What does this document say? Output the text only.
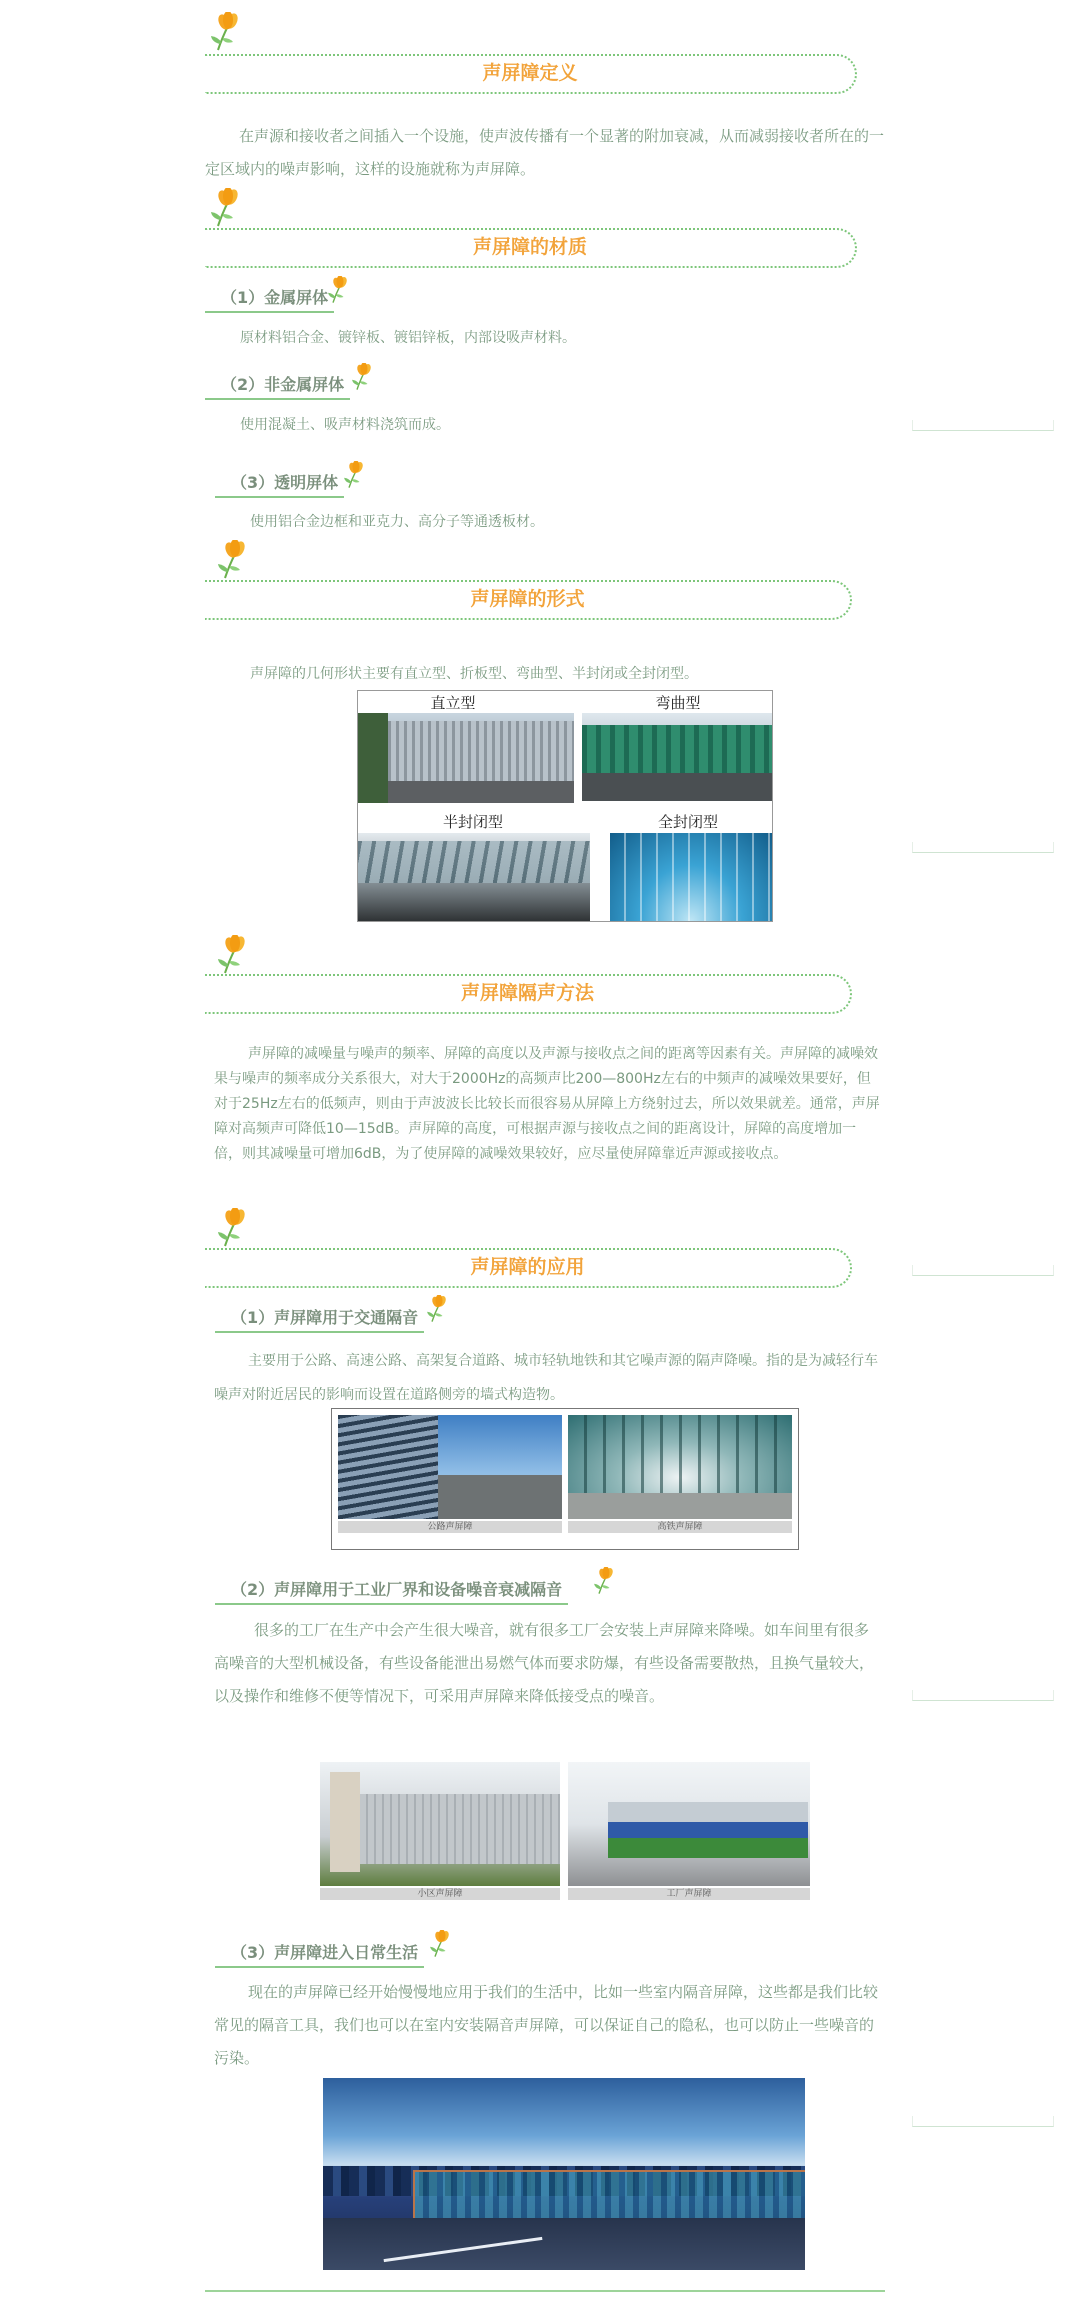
声屏障定义
在声源和接收者之间插入一个设施，使声波传播有一个显著的附加衰减，从而减弱接收者所在的一定区域内的噪声影响，这样的设施就称为声屏障。
声屏障的材质
（1）金属屏体
原材料铝合金、镀锌板、镀铝锌板，内部设吸声材料。
（2）非金属屏体
使用混凝土、吸声材料浇筑而成。
（3）透明屏体
使用铝合金边框和亚克力、高分子等通透板材。
声屏障的形式
声屏障的几何形状主要有直立型、折板型、弯曲型、半封闭或全封闭型。
直立型	弯曲型
半封闭型	全封闭型
声屏障隔声方法
声屏障的减噪量与噪声的频率、屏障的高度以及声源与接收点之间的距离等因素有关。声屏障的减噪效果与噪声的频率成分关系很大，对大于2000Hz的高频声比200—800Hz左右的中频声的减噪效果要好，但对于25Hz左右的低频声，则由于声波波长比较长而很容易从屏障上方绕射过去，所以效果就差。通常，声屏障对高频声可降低10—15dB。声屏障的高度，可根据声源与接收点之间的距离设计，屏障的高度增加一倍，则其减噪量可增加6dB，为了使屏障的减噪效果较好，应尽量使屏障靠近声源或接收点。
声屏障的应用
（1）声屏障用于交通隔音
主要用于公路、高速公路、高架复合道路、城市轻轨地铁和其它噪声源的隔声降噪。指的是为减轻行车噪声对附近居民的影响而设置在道路侧旁的墙式构造物。
公路声屏障	高铁声屏障
（2）声屏障用于工业厂界和设备噪音衰减隔音
很多的工厂在生产中会产生很大噪音，就有很多工厂会安装上声屏障来降噪。如车间里有很多高噪音的大型机械设备，有些设备能泄出易燃气体而要求防爆，有些设备需要散热，且换气量较大，以及操作和维修不便等情况下，可采用声屏障来降低接受点的噪音。
小区声屏障	工厂声屏障
（3）声屏障进入日常生活
现在的声屏障已经开始慢慢地应用于我们的生活中，比如一些室内隔音屏障，这些都是我们比较常见的隔音工具，我们也可以在室内安装隔音声屏障，可以保证自己的隐私，也可以防止一些噪音的污染。
